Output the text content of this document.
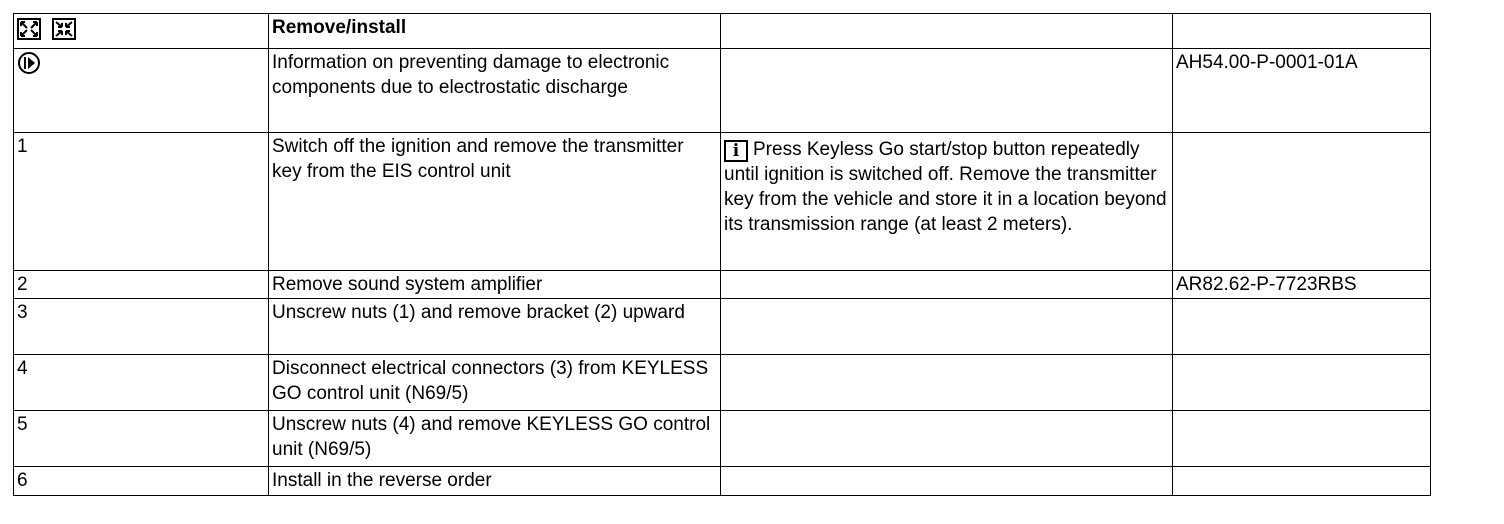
	Remove/install		
	Information on preventing damage to electronic components due to electrostatic discharge		AH54.00-P-0001-01A
1	Switch off the ignition and remove the transmitter key from the EIS control unit	i Press Keyless Go start/stop button repeatedly until ignition is switched off. Remove the transmitter key from the vehicle and store it in a location beyond its transmission range (at least 2 meters).	
2	Remove sound system amplifier		AR82.62-P-7723RBS
3	Unscrew nuts (1) and remove bracket (2) upward		
4	Disconnect electrical connectors (3) from KEYLESS GO control unit (N69/5)		
5	Unscrew nuts (4) and remove KEYLESS GO control unit (N69/5)		
6	Install in the reverse order		
